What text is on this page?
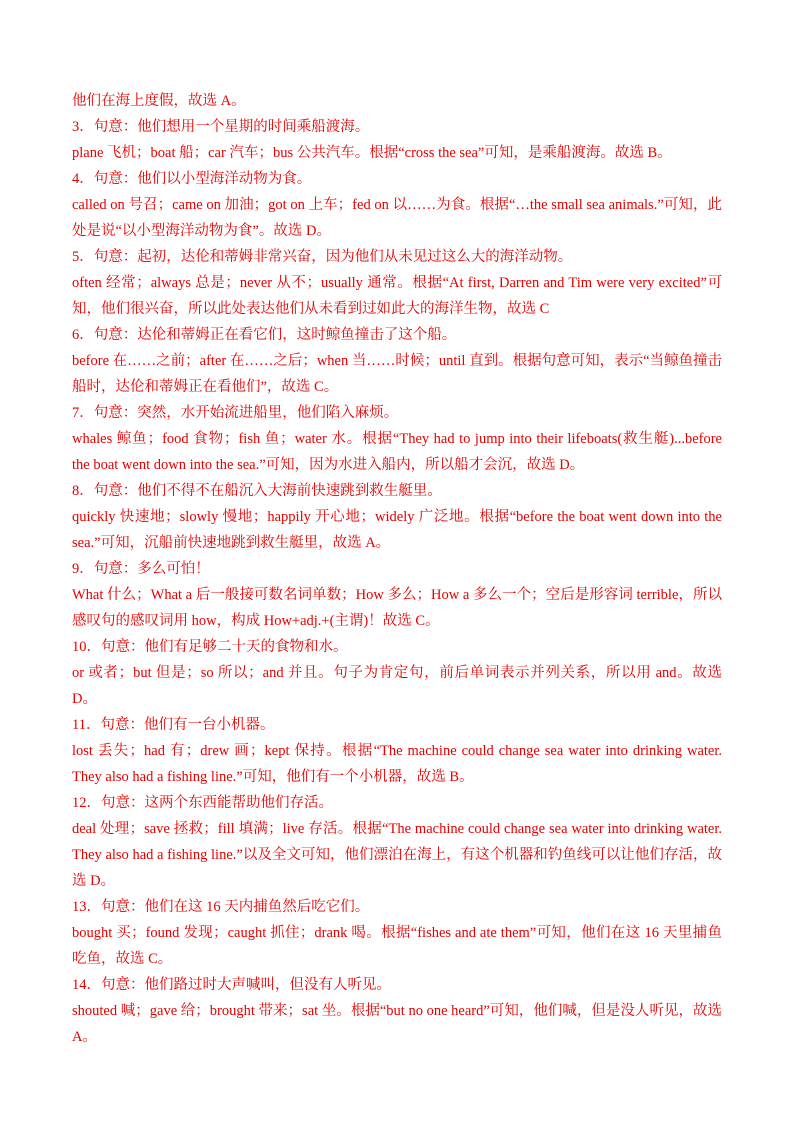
他们在海上度假，故选 A。

3．句意：他们想用一个星期的时间乘船渡海。

plane 飞机；boat 船；car 汽车；bus 公共汽车。根据“cross the sea”可知，是乘船渡海。故选 B。

4．句意：他们以小型海洋动物为食。

called on 号召；came on 加油；got on 上车；fed on 以……为食。根据“…the small sea animals.”可知，此处是说“以小型海洋动物为食”。故选 D。

5．句意：起初，达伦和蒂姆非常兴奋，因为他们从未见过这么大的海洋动物。

often 经常；always 总是；never 从不；usually 通常。根据“At first, Darren and Tim were very excited”可知，他们很兴奋，所以此处表达他们从未看到过如此大的海洋生物，故选 C

6．句意：达伦和蒂姆正在看它们，这时鲸鱼撞击了这个船。

before 在……之前；after 在……之后；when 当……时候；until 直到。根据句意可知，表示“当鲸鱼撞击船时，达伦和蒂姆正在看他们”，故选 C。

7．句意：突然，水开始流进船里，他们陷入麻烦。

whales 鲸鱼；food 食物；fish 鱼；water 水。根据“They had to jump into their lifeboats(救生艇)...before the boat went down into the sea.”可知，因为水进入船内，所以船才会沉，故选 D。

8．句意：他们不得不在船沉入大海前快速跳到救生艇里。

quickly 快速地；slowly 慢地；happily 开心地；widely 广泛地。根据“before the boat went down into the sea.”可知，沉船前快速地跳到救生艇里，故选 A。

9．句意：多么可怕！

What 什么；What a 后一般接可数名词单数；How 多么；How a 多么一个；空后是形容词 terrible，所以感叹句的感叹词用 how，构成 How+adj.+(主谓)！故选 C。

10．句意：他们有足够二十天的食物和水。

or 或者；but 但是；so 所以；and 并且。句子为肯定句，前后单词表示并列关系，所以用 and。故选 D。

11．句意：他们有一台小机器。

lost 丢失；had 有；drew 画；kept 保持。根据“The machine could change sea water into drinking water. They also had a fishing line.”可知，他们有一个小机器，故选 B。

12．句意：这两个东西能帮助他们存活。

deal 处理；save 拯救；fill 填满；live 存活。根据“The machine could change sea water into drinking water. They also had a fishing line.”以及全文可知，他们漂泊在海上，有这个机器和钓鱼线可以让他们存活，故选 D。

13．句意：他们在这 16 天内捕鱼然后吃它们。

bought 买；found 发现；caught 抓住；drank 喝。根据“fishes and ate them”可知，他们在这 16 天里捕鱼吃鱼，故选 C。

14．句意：他们路过时大声喊叫，但没有人听见。

shouted 喊；gave 给；brought 带来；sat 坐。根据“but no one heard”可知，他们喊，但是没人听见，故选 A。
